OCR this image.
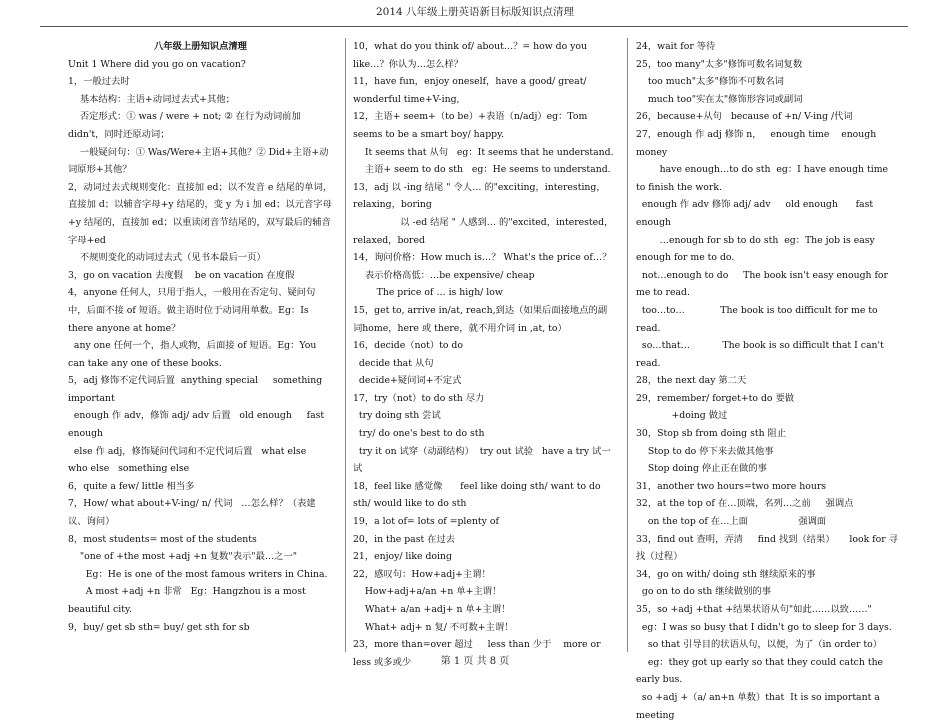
2014 八年级上册英语新目标版知识点清理
八年级上册知识点清理
Unit 1 Where did you go on vacation?
1，一般过去时
基本结构：主语+动词过去式+其他；
否定形式：① was / were + not; ② 在行为动词前加didn't，同时还原动词；
一般疑问句：① Was/Were+主语+其他？② Did+主语+动词原形+其他？
2，动词过去式规则变化：直接加 ed；以不发音 e 结尾的单词，直接加 d；以辅音字母+y 结尾的，变 y 为 i 加 ed；以元音字母+y 结尾的，直接加 ed；以重读闭音节结尾的，双写最后的辅音字母+ed
不规则变化的动词过去式（见书本最后一页）
3，go on vacation 去度假    be on vacation 在度假
4，anyone 任何人，只用于指人，一般用在否定句、疑问句中，后面不接 of 短语。做主语时位于动词用单数。Eg：Is there anyone at home？
any one 任何一个，指人或物，后面接 of 短语。Eg：You can take any one of these books.
5，adj 修饰不定代词后置  anything special     something important
enough 作 adv，修饰 adj/ adv 后置   old enough     fast enough
else 作 adj，修饰疑问代词和不定代词后置   what else    who else   something else
6，quite a few/ little 相当多
7，How/ what about+V-ing/ n/ 代词   …怎么样？（表建议、询问）
8，most students= most of the students
"one of +the most +adj +n 复数"表示"最…之一"
Eg：He is one of the most famous writers in China.
A most +adj +n 非常   Eg：Hangzhou is a most beautiful city.
9，buy/ get sb sth= buy/ get sth for sb
10，what do you think of/ about…？= how do you like…？你认为…怎么样？
11，have fun，enjoy oneself，have a good/ great/ wonderful time+V-ing,
12，主语+ seem+（to be）+表语（n/adj）eg：Tom seems to be a smart boy/ happy.
It seems that 从句   eg：It seems that he understand.
主语+ seem to do sth   eg：He seems to understand.
13，adj 以 -ing 结尾 " 令人… 的"exciting，interesting，relaxing，boring
以 -ed 结尾 " 人感到… 的"excited，interested，relaxed，bored
14，询问价格：How much is…？ What's the price of…？
表示价格高低：…be expensive/ cheap
The price of … is high/ low
15，get to, arrive in/at, reach,到达（如果后面接地点的副词home，here 或 there，就不用介词 in ,at, to）
16，decide（not）to do
decide that 从句
decide+疑问词+不定式
17，try（not）to do sth 尽力
try doing sth 尝试
try/ do one's best to do sth
try it on 试穿（动副结构）  try out 试验   have a try 试一试
18，feel like 感觉像      feel like doing sth/ want to do sth/ would like to do sth
19，a lot of= lots of =plenty of
20，in the past 在过去
21，enjoy/ like doing
22，感叹句：How+adj+主谓！
How+adj+a/an +n 单+主谓！
What+ a/an +adj+ n 单+主谓！
What+ adj+ n 复/ 不可数+主谓！
23，more than=over 超过     less than 少于    more or less 或多或少
24，wait for 等待
25，too many"太多"修饰可数名词复数
too much"太多"修饰不可数名词
much too"实在太"修饰形容词或副词
26，because+从句   because of +n/ V-ing /代词
27，enough 作 adj 修饰 n，   enough time    enough  money
have enough…to do sth  eg：I have enough time to finish the work.
enough 作 adv 修饰 adj/ adv     old enough      fast enough
…enough for sb to do sth  eg：The job is easy enough for me to do.
not…enough to do     The book isn't easy enough for me to read.
too…to…            The book is too difficult for me to read.
so…that…           The book is so difficult that I can't read.
28，the next day 第二天
29，remember/ forget+to do 要做
+doing 做过
30，Stop sb from doing sth 阻止
Stop to do 停下来去做其他事
Stop doing 停止正在做的事
31，another two hours=two more hours
32，at the top of 在…顶端，名列…之前     强调点
on the top of 在…上面                 强调面
33，find out 查明，弄清     find 找到（结果）     look for 寻找（过程）
34，go on with/ doing sth 继续原来的事
go on to do sth 继续做别的事
35，so +adj +that +结果状语从句"如此……以致……"
eg：I was so busy that I didn't go to sleep for 3 days.
so that 引导目的状语从句，以便，为了（in order to）
eg：they got up early so that they could catch the early bus.
so +adj +（a/ an+n 单数）that  It is so important a meeting
第 1 页 共 8 页
